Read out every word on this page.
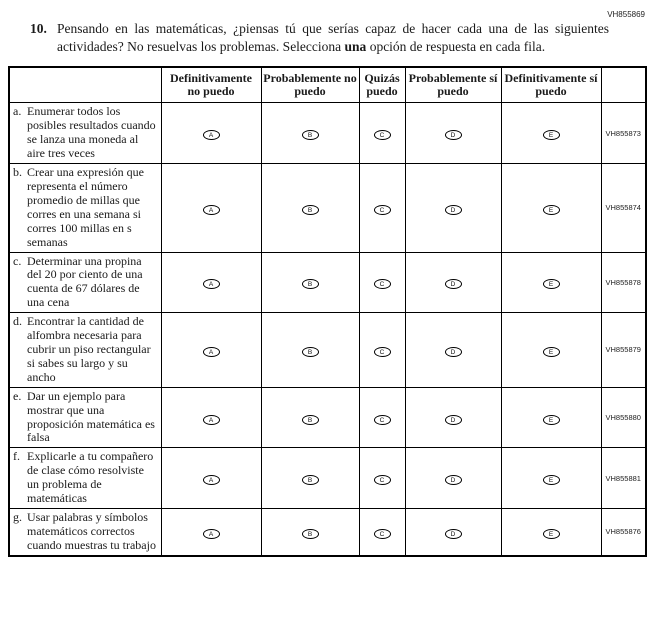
VH855869
10. Pensando en las matemáticas, ¿piensas tú que serías capaz de hacer cada una de las siguientes actividades? No resuelvas los problemas. Selecciona una opción de respuesta en cada fila.

	Definitivamente no puedo	Probablemente no puedo	Quizás puedo	Probablemente sí puedo	Definitivamente sí puedo	

a. Enumerar todos los posibles resultados cuando se lanza una moneda al aire tres veces	A	B	C	D	E	VH855873

b. Crear una expresión que representa el número promedio de millas que corres en una semana si corres 100 millas en s semanas	A	B	C	D	E	VH855874

c. Determinar una propina del 20 por ciento de una cuenta de 67 dólares de una cena	A	B	C	D	E	VH855878

d. Encontrar la cantidad de alfombra necesaria para cubrir un piso rectangular si sabes su largo y su ancho	A	B	C	D	E	VH855879

e. Dar un ejemplo para mostrar que una proposición matemática es falsa	A	B	C	D	E	VH855880

f. Explicarle a tu compañero de clase cómo resolviste un problema de matemáticas	A	B	C	D	E	VH855881

g. Usar palabras y símbolos matemáticos correctos cuando muestras tu trabajo	A	B	C	D	E	VH855876
